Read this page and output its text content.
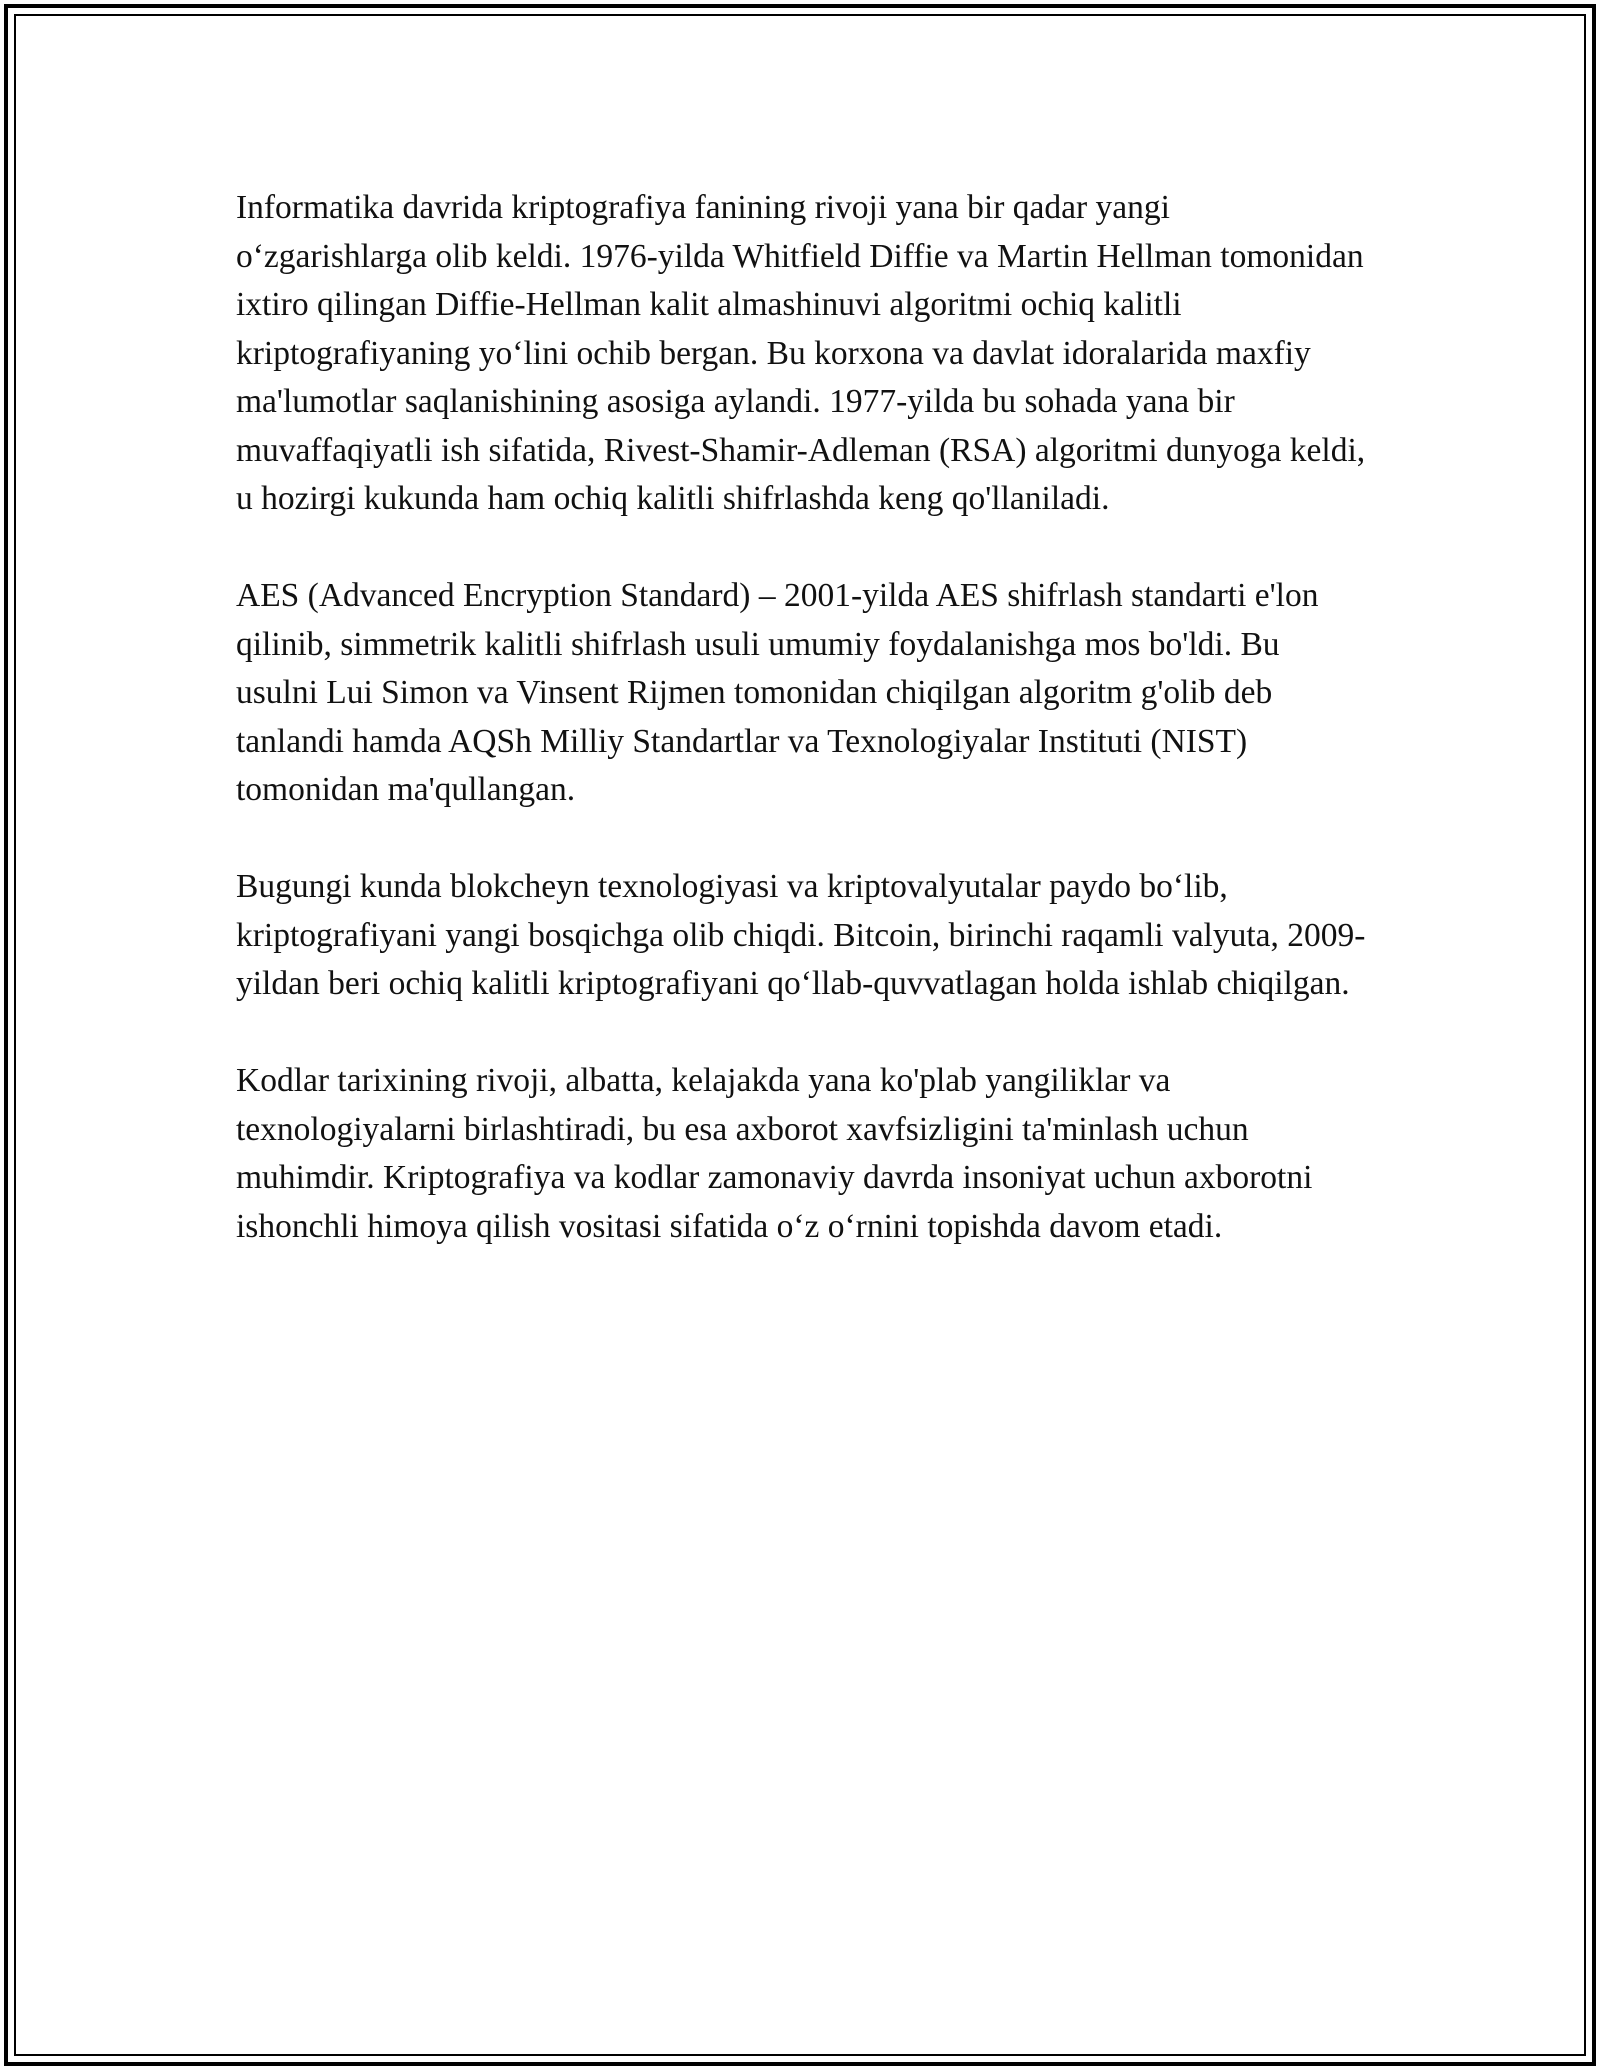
Informatika davrida kriptografiya fanining rivoji yana bir qadar yangi o‘zgarishlarga olib keldi. 1976-yilda Whitfield Diffie va Martin Hellman tomonidan ixtiro qilingan Diffie-Hellman kalit almashinuvi algoritmi ochiq kalitli kriptografiyaning yo‘lini ochib bergan. Bu korxona va davlat idoralarida maxfiy ma'lumotlar saqlanishining asosiga aylandi. 1977-yilda bu sohada yana bir muvaffaqiyatli ish sifatida, Rivest-Shamir-Adleman (RSA) algoritmi dunyoga keldi, u hozirgi kukunda ham ochiq kalitli shifrlashda keng qo'llaniladi.

AES (Advanced Encryption Standard) – 2001-yilda AES shifrlash standarti e'lon qilinib, simmetrik kalitli shifrlash usuli umumiy foydalanishga mos bo'ldi. Bu usulni Lui Simon va Vinsent Rijmen tomonidan chiqilgan algoritm g'olib deb tanlandi hamda AQSh Milliy Standartlar va Texnologiyalar Instituti (NIST) tomonidan ma'qullangan.

Bugungi kunda blokcheyn texnologiyasi va kriptovalyutalar paydo bo‘lib, kriptografiyani yangi bosqichga olib chiqdi. Bitcoin, birinchi raqamli valyuta, 2009-yildan beri ochiq kalitli kriptografiyani qo‘llab-quvvatlagan holda ishlab chiqilgan.

Kodlar tarixining rivoji, albatta, kelajakda yana ko'plab yangiliklar va texnologiyalarni birlashtiradi, bu esa axborot xavfsizligini ta'minlash uchun muhimdir. Kriptografiya va kodlar zamonaviy davrda insoniyat uchun axborotni ishonchli himoya qilish vositasi sifatida o‘z o‘rnini topishda davom etadi.
